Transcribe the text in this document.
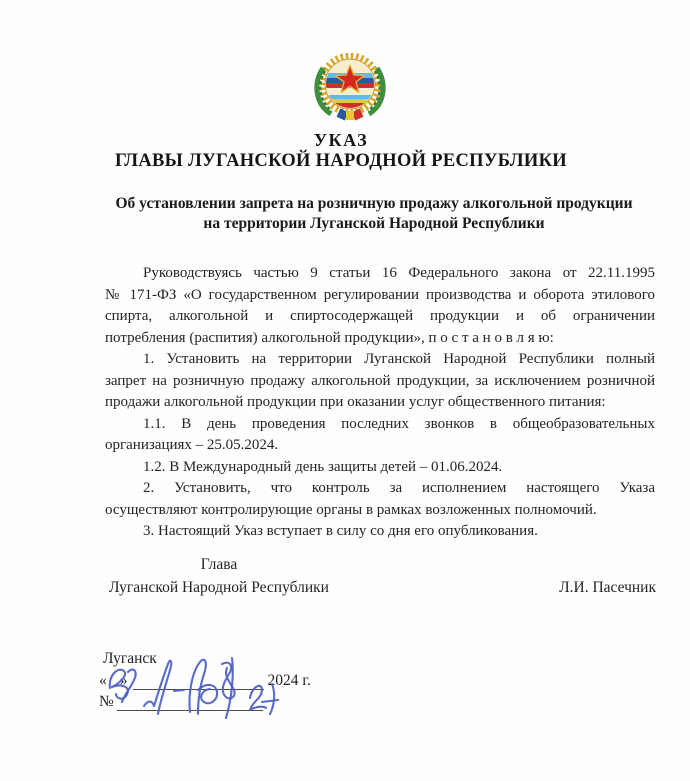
УКАЗ
ГЛАВЫ ЛУГАНСКОЙ НАРОДНОЙ РЕСПУБЛИКИ
Об установлении запрета на розничную продажу алкогольной продукции
на территории Луганской Народной Республики
Руководствуясь частью 9 статьи 16 Федерального закона от 22.11.1995
№ 171-ФЗ «О государственном регулировании производства и оборота этилового
спирта, алкогольной и спиртосодержащей продукции и об ограничении
потребления (распития) алкогольной продукции», п о с т а н о в л я ю:
1. Установить на территории Луганской Народной Республики полный
запрет на розничную продажу алкогольной продукции, за исключением розничной
продажи алкогольной продукции при оказании услуг общественного питания:
1.1. В день проведения последних звонков в общеобразовательных
организациях – 25.05.2024.
1.2. В Международный день защиты детей – 01.06.2024.
2. Установить, что контроль за исполнением настоящего Указа
осуществляют контролирующие органы в рамках возложенных полномочий.
3. Настоящий Указ вступает в силу со дня его опубликования.
Глава
Луганской Народной Республики	Л.И. Пасечник
Луганск
« »	2024 г.
№
